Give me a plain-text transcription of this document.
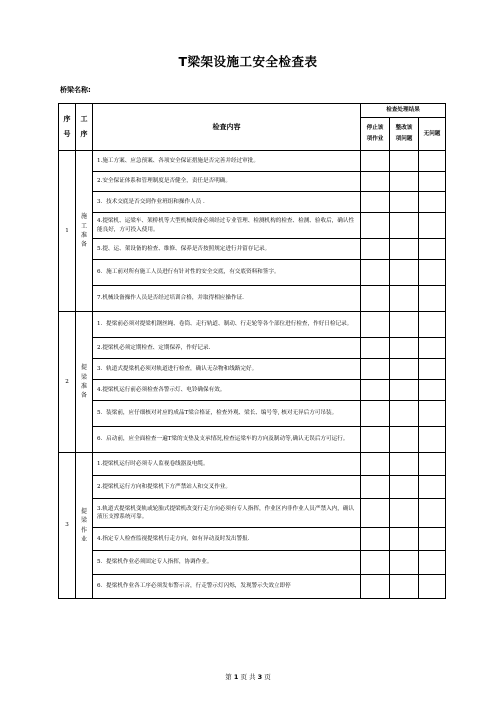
T梁架设施工安全检查表
桥梁名称:
序号	工序	检查内容	检查处理结果		

			停止该项作业	整改该项问题	无问题
1	施工准备	1.施工方案、应急预案、各项安全保证措施是否完善并经过审批。			
		2.安全保证体系和管理制度是否健全，责任是否明确。			
		3．技术交底是否交到作业班组和操作人员 .			
		4.提梁机、运梁车、架桥机等大型机械设备必须经过专业管理、检测机构的检查、检测、验收后，确认性能良好，方可投入使用。			
		5.提、运、架设备的检查、维修、保养是否按照规定进行并留存记录。			
		6．施工前对所有施工人员进行有针对性的安全交底，有交底资料和签字。			
		7.机械设备操作人员是否经过培训合格，并取得相应操作证.			
2	提梁准备	1．提梁前必须对提梁机钢丝绳、卷筒、走行轨道、制动、行走轮等各个部位进行检查，作好日检记录。			
		2.提梁机必须定期检查、定期保养，作好记录.			
		3．轨道式提梁机必须对轨道进行检查，确认无杂物和线路完好。			
		4.提梁机运行前必须检查各警示灯、电铃确保有效。			
		5．装梁前，应仔细核对对应的成品T梁合格证，检查外观、梁长、编号等, 核对无异后方可吊装。			
		6．启动前，应全面检查一遍T梁的支垫及支承情况,检查运梁车的方向及制动等,确认无误后方可运行。			
3	提梁作业	1.提梁机运行时必须专人监视卷线器及电缆。			
		2.提梁机运行方向和提梁机下方严禁站人和交叉作业。			
		3.轨道式提梁机变轨或轮胎式提梁机改变行走方向必须有专人指挥，作业区内非作业人员严禁入内，确认液压支撑系统可靠。			
		4.指定专人检查监视提梁机行走方向，如有异动及时发出警报.			
		5．提梁机作业必须固定专人指挥，协调作业。			
		6．提梁机作业各工序必须发布警示音，行走警示灯闪烁，发现警示失效立即停			
第 1 页 共 3 页
